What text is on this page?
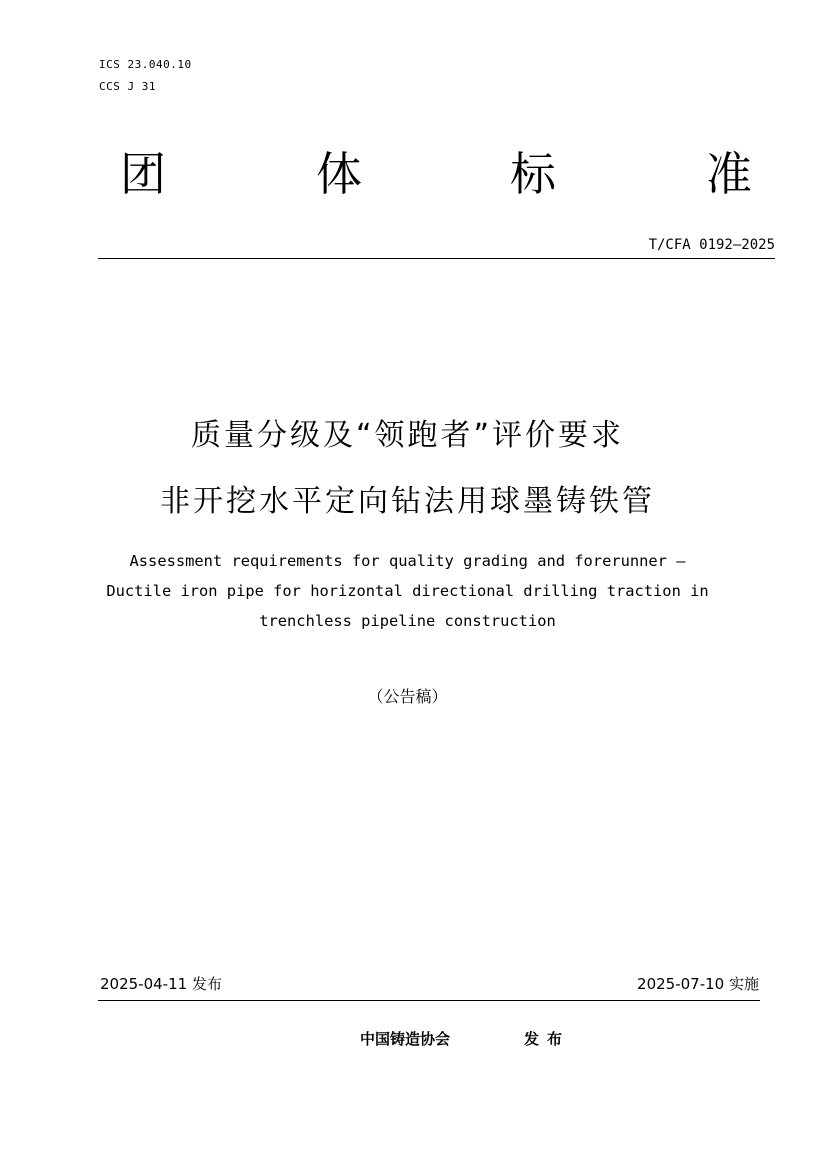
ICS 23.040.10
CCS J 31
团	体	标	准
T/CFA 0192—2025
质量分级及“领跑者”评价要求
非开挖水平定向钻法用球墨铸铁管
Assessment requirements for quality grading and forerunner —
Ductile iron pipe for horizontal directional drilling traction in
trenchless pipeline construction
（公告稿）
2025-04-11 发布	2025-07-10 实施
中国铸造协会	发布
